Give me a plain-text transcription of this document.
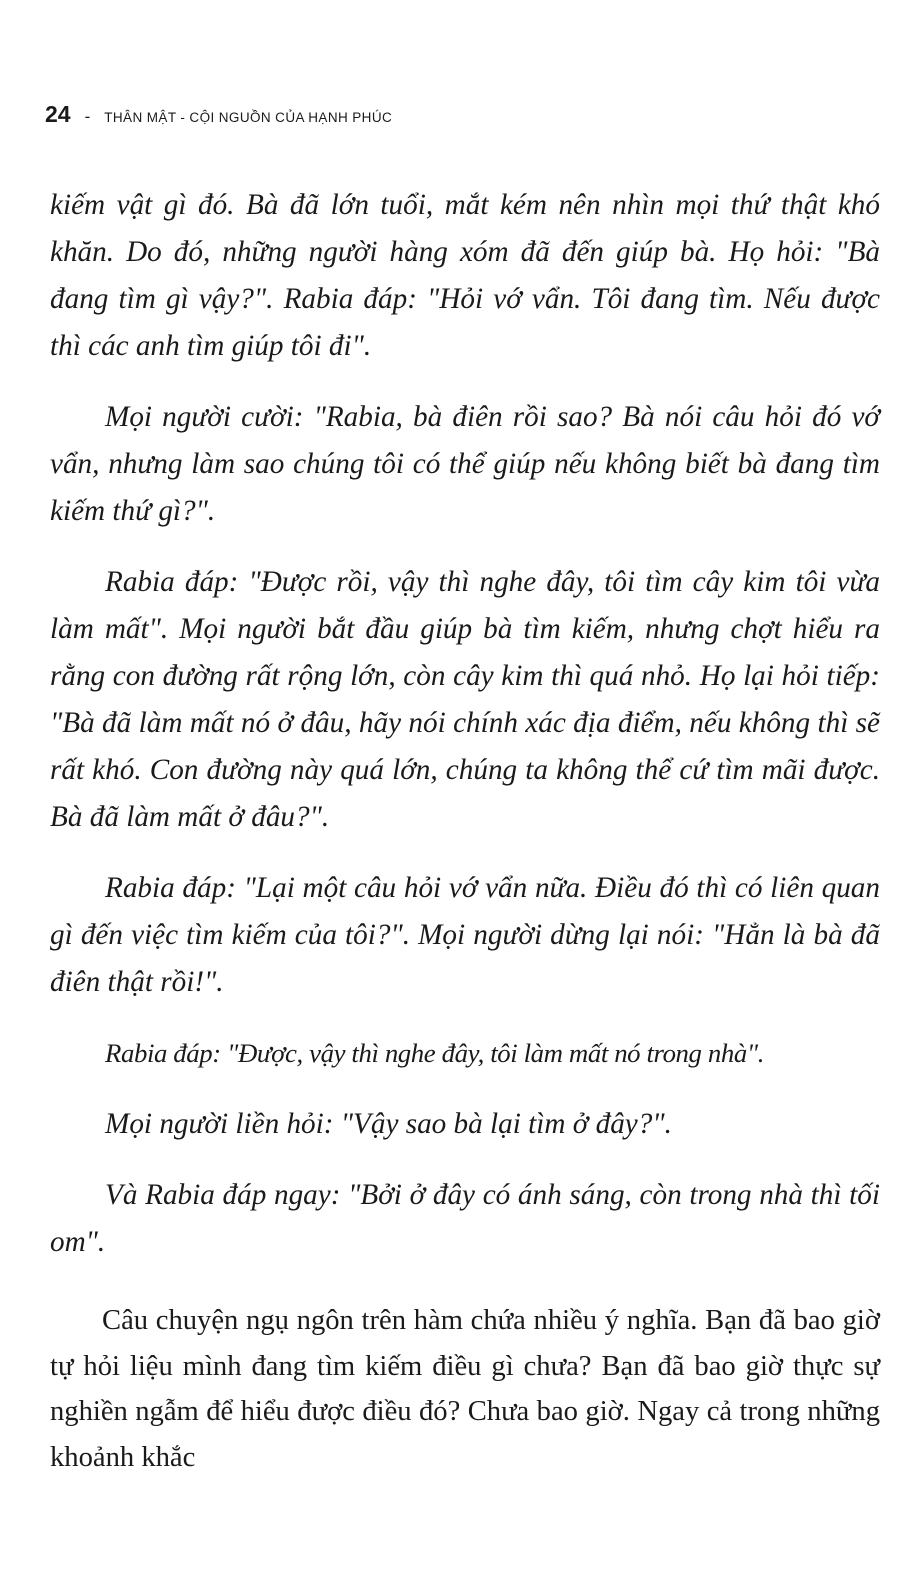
24 - THÂN MẬT - CỘI NGUỒN CỦA HẠNH PHÚC

kiếm vật gì đó. Bà đã lớn tuổi, mắt kém nên nhìn mọi thứ thật khó khăn. Do đó, những người hàng xóm đã đến giúp bà. Họ hỏi: "Bà đang tìm gì vậy?". Rabia đáp: "Hỏi vớ vẩn. Tôi đang tìm. Nếu được thì các anh tìm giúp tôi đi".

Mọi người cười: "Rabia, bà điên rồi sao? Bà nói câu hỏi đó vớ vẩn, nhưng làm sao chúng tôi có thể giúp nếu không biết bà đang tìm kiếm thứ gì?".

Rabia đáp: "Được rồi, vậy thì nghe đây, tôi tìm cây kim tôi vừa làm mất". Mọi người bắt đầu giúp bà tìm kiếm, nhưng chợt hiểu ra rằng con đường rất rộng lớn, còn cây kim thì quá nhỏ. Họ lại hỏi tiếp: "Bà đã làm mất nó ở đâu, hãy nói chính xác địa điểm, nếu không thì sẽ rất khó. Con đường này quá lớn, chúng ta không thể cứ tìm mãi được. Bà đã làm mất ở đâu?".

Rabia đáp: "Lại một câu hỏi vớ vẩn nữa. Điều đó thì có liên quan gì đến việc tìm kiếm của tôi?". Mọi người dừng lại nói: "Hẳn là bà đã điên thật rồi!".

Rabia đáp: "Được, vậy thì nghe đây, tôi làm mất nó trong nhà".

Mọi người liền hỏi: "Vậy sao bà lại tìm ở đây?".

Và Rabia đáp ngay: "Bởi ở đây có ánh sáng, còn trong nhà thì tối om".

Câu chuyện ngụ ngôn trên hàm chứa nhiều ý nghĩa. Bạn đã bao giờ tự hỏi liệu mình đang tìm kiếm điều gì chưa? Bạn đã bao giờ thực sự nghiền ngẫm để hiểu được điều đó? Chưa bao giờ. Ngay cả trong những khoảnh khắc
